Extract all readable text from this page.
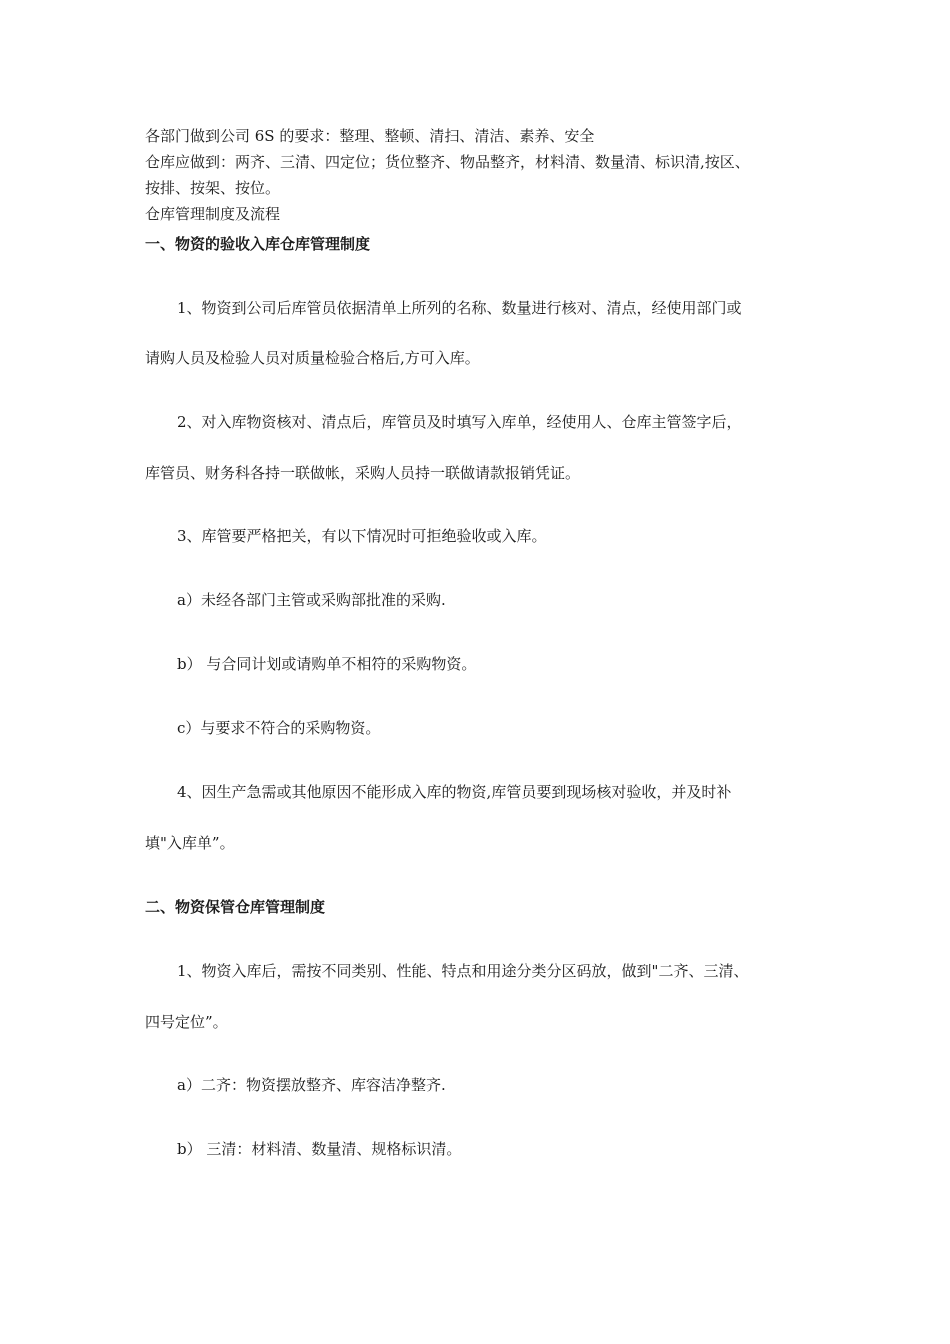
各部门做到公司 6S 的要求：整理、整顿、清扫、清洁、素养、安全
仓库应做到：两齐、三清、四定位；货位整齐、物品整齐，材料清、数量清、标识清,按区、
按排、按架、按位。
仓库管理制度及流程
一、物资的验收入库仓库管理制度
1、物资到公司后库管员依据清单上所列的名称、数量进行核对、清点，经使用部门或
请购人员及检验人员对质量检验合格后,方可入库。
2、对入库物资核对、清点后，库管员及时填写入库单，经使用人、仓库主管签字后，
库管员、财务科各持一联做帐，采购人员持一联做请款报销凭证。
3、库管要严格把关，有以下情况时可拒绝验收或入库。
a）未经各部门主管或采购部批准的采购.
b） 与合同计划或请购单不相符的采购物资。
c）与要求不符合的采购物资。
4、因生产急需或其他原因不能形成入库的物资,库管员要到现场核对验收，并及时补
填"入库单”。
二、物资保管仓库管理制度
1、物资入库后，需按不同类别、性能、特点和用途分类分区码放，做到"二齐、三清、
四号定位”。
a）二齐：物资摆放整齐、库容洁净整齐.
b） 三清：材料清、数量清、规格标识清。
